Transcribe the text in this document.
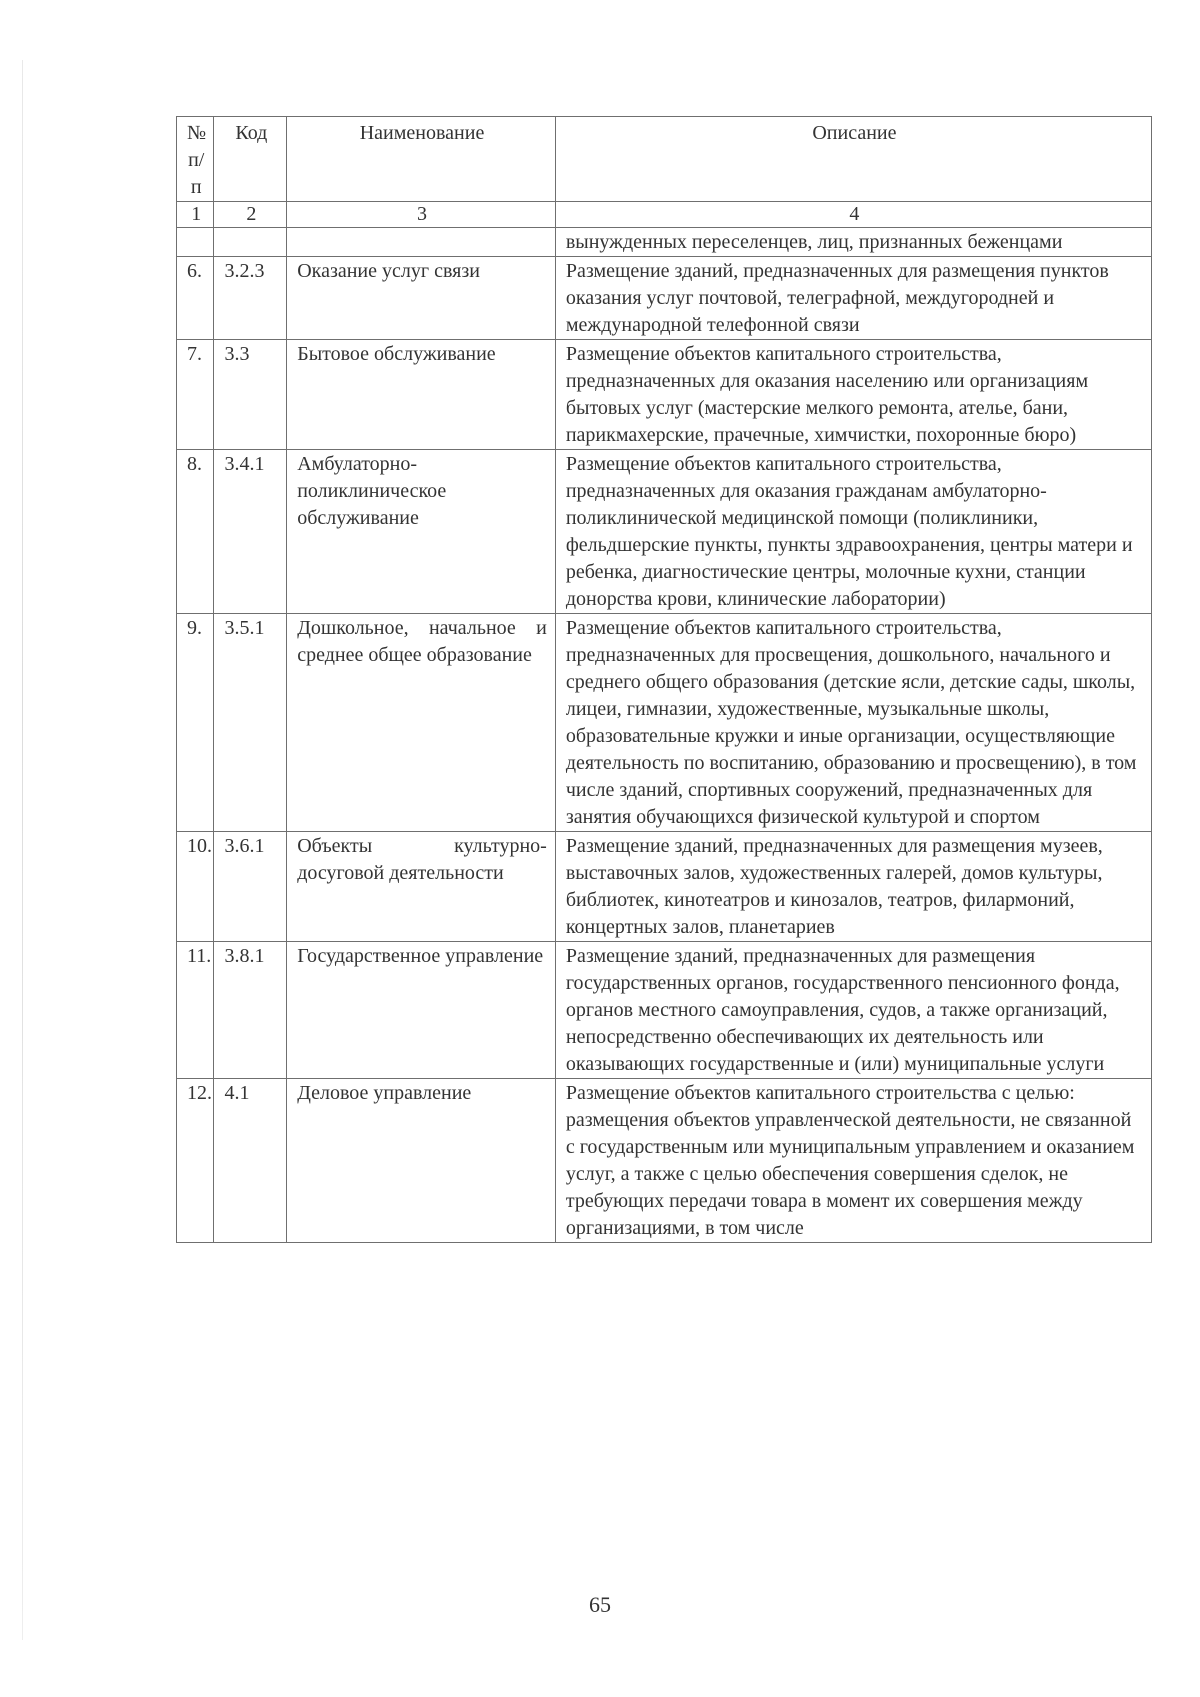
№ п/п	Код	Наименование	Описание
1	2	3	4
			вынужденных переселенцев, лиц, признанных беженцами
6.	3.2.3	Оказание услуг связи	Размещение зданий, предназначенных для размещения пунктов оказания услуг почтовой, телеграфной, междугородней и международной телефонной связи
7.	3.3	Бытовое обслуживание	Размещение объектов капитального строительства, предназначенных для оказания населению или организациям бытовых услуг (мастерские мелкого ремонта, ателье, бани, парикмахерские, прачечные, химчистки, похоронные бюро)
8.	3.4.1	Амбулаторно-поликлиническое обслуживание	Размещение объектов капитального строительства, предназначенных для оказания гражданам амбулаторно-поликлинической медицинской помощи (поликлиники, фельдшерские пункты, пункты здравоохранения, центры матери и ребенка, диагностические центры, молочные кухни, станции донорства крови, клинические лаборатории)
9.	3.5.1	Дошкольное, начальное и среднее общее образование	Размещение объектов капитального строительства, предназначенных для просвещения, дошкольного, начального и среднего общего образования (детские ясли, детские сады, школы, лицеи, гимназии, художественные, музыкальные школы, образовательные кружки и иные организации, осуществляющие деятельность по воспитанию, образованию и просвещению), в том числе зданий, спортивных сооружений, предназначенных для занятия обучающихся физической культурой и спортом
10.	3.6.1	Объекты культурно-досуговой деятельности	Размещение зданий, предназначенных для размещения музеев, выставочных залов, художественных галерей, домов культуры, библиотек, кинотеатров и кинозалов, театров, филармоний, концертных залов, планетариев
11.	3.8.1	Государственное управление	Размещение зданий, предназначенных для размещения государственных органов, государственного пенсионного фонда, органов местного самоуправления, судов, а также организаций, непосредственно обеспечивающих их деятельность или оказывающих государственные и (или) муниципальные услуги
12.	4.1	Деловое управление	Размещение объектов капитального строительства с целью: размещения объектов управленческой деятельности, не связанной с государственным или муниципальным управлением и оказанием услуг, а также с целью обеспечения совершения сделок, не требующих передачи товара в момент их совершения между организациями, в том числе
65
